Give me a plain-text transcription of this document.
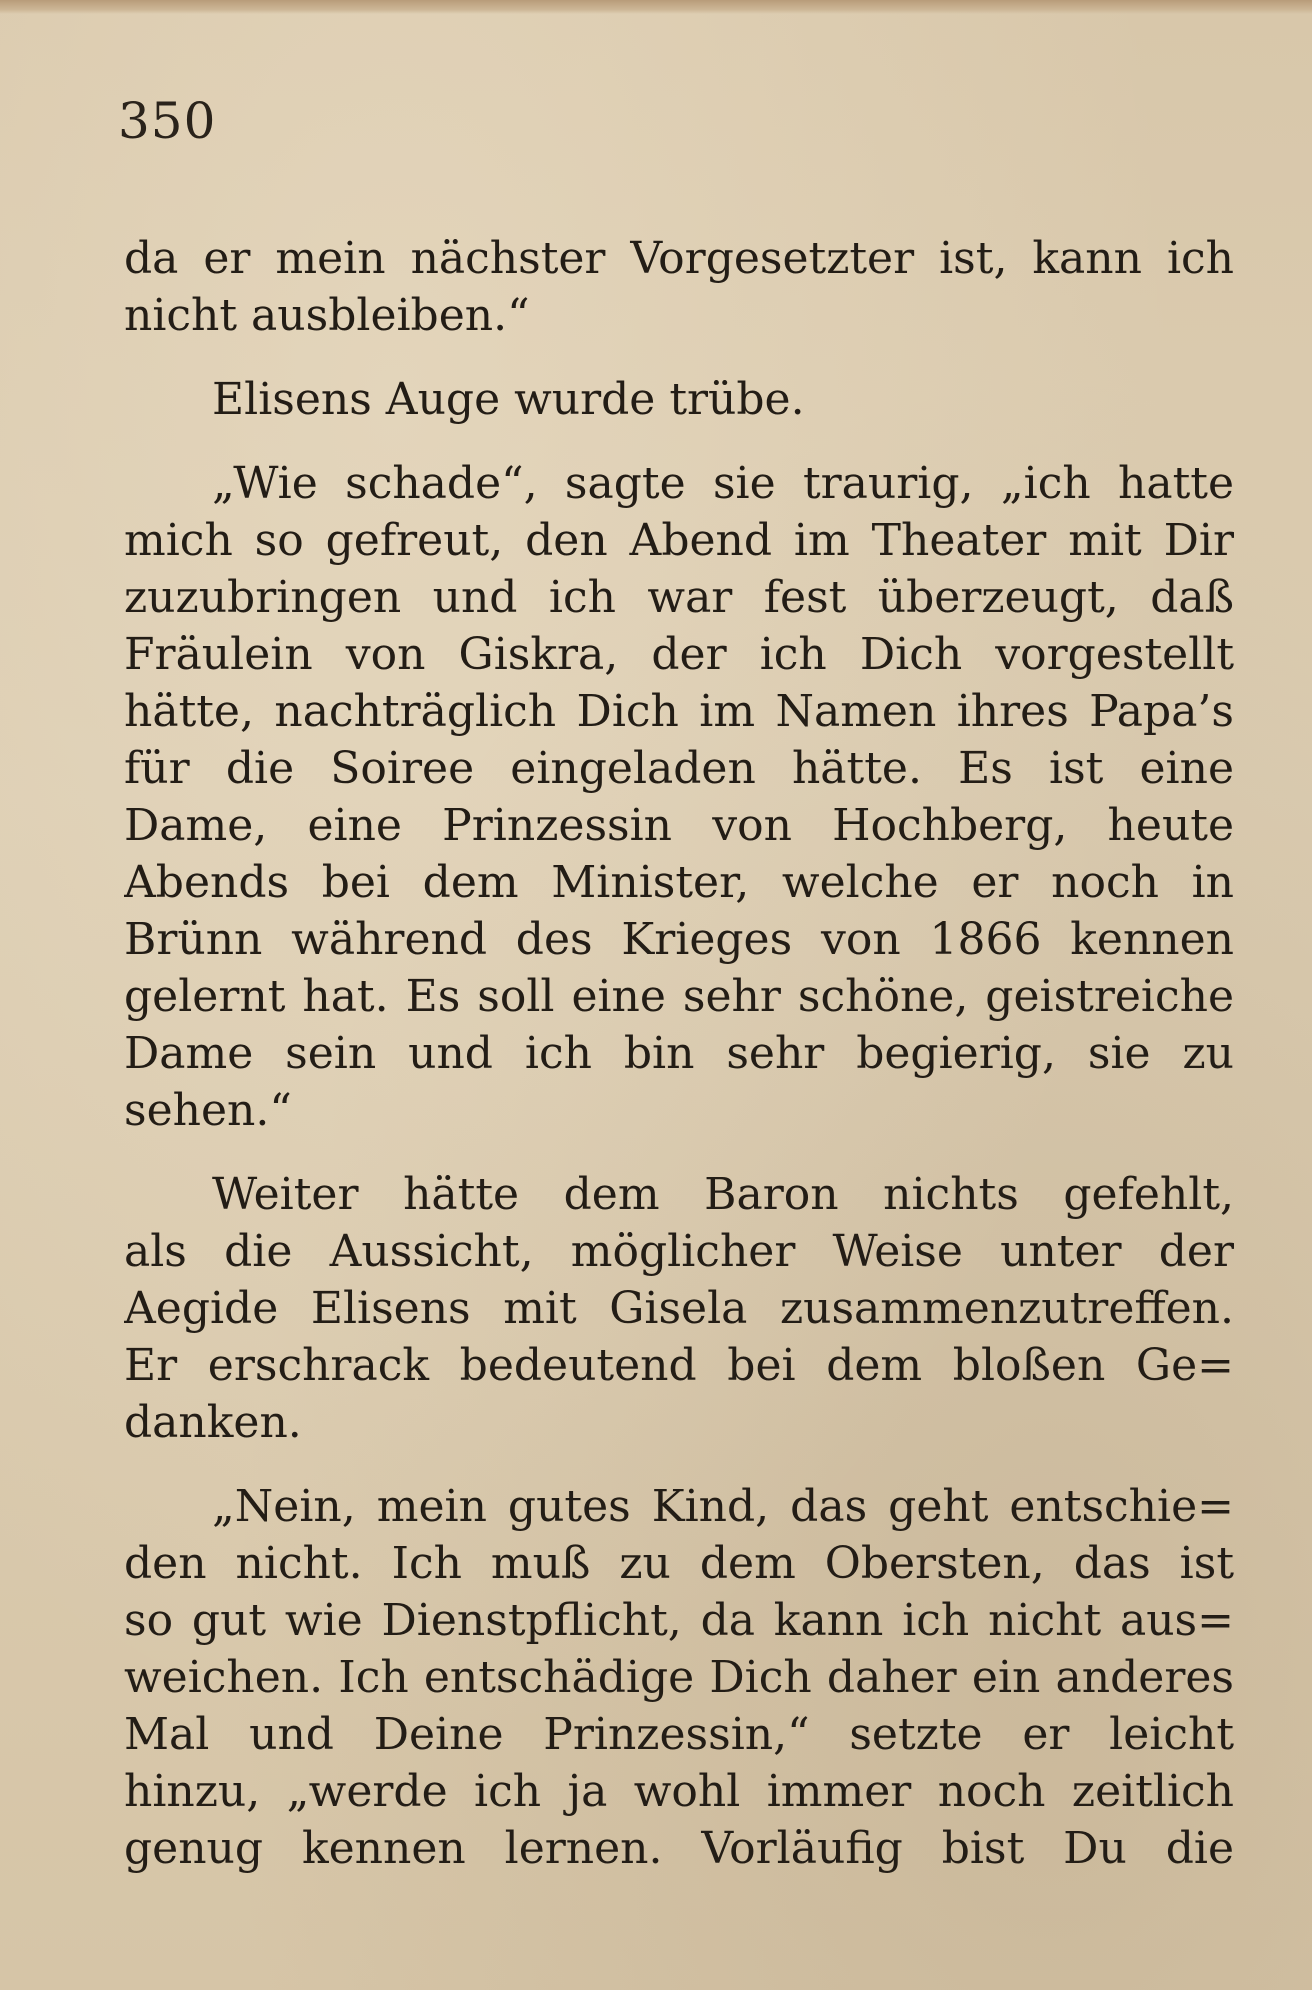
350
da er mein nächster Vorgesetzter ist, kann ich
nicht ausbleiben.“
Elisens Auge wurde trübe.
„Wie schade“, sagte sie traurig, „ich hatte
mich so gefreut, den Abend im Theater mit Dir
zuzubringen und ich war fest überzeugt, daß
Fräulein von Giskra, der ich Dich vorgestellt
hätte, nachträglich Dich im Namen ihres Papa’s
für die Soiree eingeladen hätte. Es ist eine
Dame, eine Prinzessin von Hochberg, heute
Abends bei dem Minister, welche er noch in
Brünn während des Krieges von 1866 kennen
gelernt hat. Es soll eine sehr schöne, geistreiche
Dame sein und ich bin sehr begierig, sie zu
sehen.“
Weiter hätte dem Baron nichts gefehlt,
als die Aussicht, möglicher Weise unter der
Aegide Elisens mit Gisela zusammenzutreffen.
Er erschrack bedeutend bei dem bloßen Ge=
danken.
„Nein, mein gutes Kind, das geht entschie=
den nicht. Ich muß zu dem Obersten, das ist
so gut wie Dienstpflicht, da kann ich nicht aus=
weichen. Ich entschädige Dich daher ein anderes
Mal und Deine Prinzessin,“ setzte er leicht
hinzu, „werde ich ja wohl immer noch zeitlich
genug kennen lernen. Vorläufig bist Du die
